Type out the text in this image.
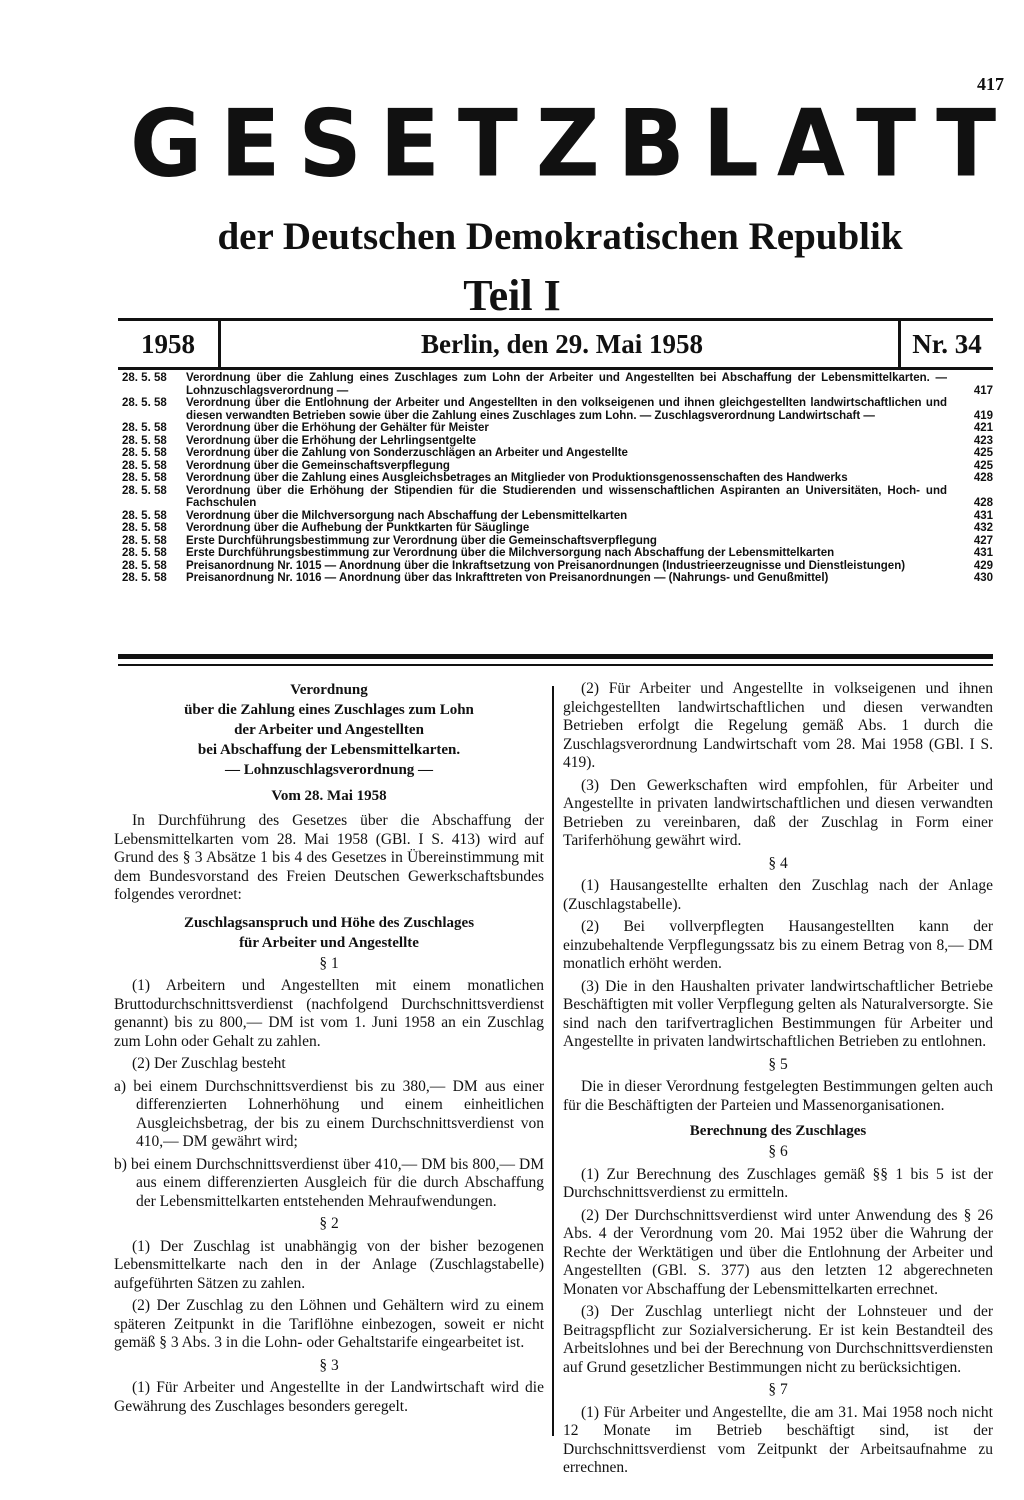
417
GESETZBLATT
der Deutschen Demokratischen Republik
Teil I
1958	Berlin, den 29. Mai 1958	Nr. 34
28. 5. 58	Verordnung über die Zahlung eines Zuschlages zum Lohn der Arbeiter und Angestellten bei Abschaffung der Lebensmittelkarten. — Lohnzuschlagsverordnung —	417
28. 5. 58	Verordnung über die Entlohnung der Arbeiter und Angestellten in den volkseigenen und ihnen gleichgestellten landwirtschaftlichen und diesen verwandten Betrieben sowie über die Zahlung eines Zuschlages zum Lohn. — Zuschlagsverordnung Landwirtschaft —	419
28. 5. 58	Verordnung über die Erhöhung der Gehälter für Meister	421
28. 5. 58	Verordnung über die Erhöhung der Lehrlingsentgelte	423
28. 5. 58	Verordnung über die Zahlung von Sonderzuschlägen an Arbeiter und Angestellte	425
28. 5. 58	Verordnung über die Gemeinschaftsverpflegung	425
28. 5. 58	Verordnung über die Zahlung eines Ausgleichsbetrages an Mitglieder von Produktionsgenossenschaften des Handwerks	428
28. 5. 58	Verordnung über die Erhöhung der Stipendien für die Studierenden und wissenschaftlichen Aspiranten an Universitäten, Hoch- und Fachschulen	428
28. 5. 58	Verordnung über die Milchversorgung nach Abschaffung der Lebensmittelkarten	431
28. 5. 58	Verordnung über die Aufhebung der Punktkarten für Säuglinge	432
28. 5. 58	Erste Durchführungsbestimmung zur Verordnung über die Gemeinschaftsverpflegung	427
28. 5. 58	Erste Durchführungsbestimmung zur Verordnung über die Milchversorgung nach Abschaffung der Lebensmittelkarten	431
28. 5. 58	Preisanordnung Nr. 1015 — Anordnung über die Inkraftsetzung von Preisanordnungen (Industrieerzeugnisse und Dienstleistungen)	429
28. 5. 58	Preisanordnung Nr. 1016 — Anordnung über das Inkrafttreten von Preisanordnungen — (Nahrungs- und Genußmittel)	430
Verordnung
über die Zahlung eines Zuschlages zum Lohn
der Arbeiter und Angestellten
bei Abschaffung der Lebensmittelkarten.
— Lohnzuschlagsverordnung —
Vom 28. Mai 1958

In Durchführung des Gesetzes über die Abschaffung der Lebensmittelkarten vom 28. Mai 1958 (GBl. I S. 413) wird auf Grund des § 3 Absätze 1 bis 4 des Gesetzes in Übereinstimmung mit dem Bundesvorstand des Freien Deutschen Gewerkschaftsbundes folgendes verordnet:

Zuschlagsanspruch und Höhe des Zuschlages
für Arbeiter und Angestellte
§ 1

(1) Arbeitern und Angestellten mit einem monatlichen Bruttodurchschnittsverdienst (nachfolgend Durchschnittsverdienst genannt) bis zu 800,— DM ist vom 1. Juni 1958 an ein Zuschlag zum Lohn oder Gehalt zu zahlen.

(2) Der Zuschlag besteht

a) bei einem Durchschnittsverdienst bis zu 380,— DM aus einer differenzierten Lohnerhöhung und einem einheitlichen Ausgleichsbetrag, der bis zu einem Durchschnittsverdienst von 410,— DM gewährt wird;

b) bei einem Durchschnittsverdienst über 410,— DM bis 800,— DM aus einem differenzierten Ausgleich für die durch Abschaffung der Lebensmittelkarten entstehenden Mehraufwendungen.

§ 2

(1) Der Zuschlag ist unabhängig von der bisher bezogenen Lebensmittelkarte nach den in der Anlage (Zuschlagstabelle) aufgeführten Sätzen zu zahlen.

(2) Der Zuschlag zu den Löhnen und Gehältern wird zu einem späteren Zeitpunkt in die Tariflöhne einbezogen, soweit er nicht gemäß § 3 Abs. 3 in die Lohn- oder Gehaltstarife eingearbeitet ist.

§ 3

(1) Für Arbeiter und Angestellte in der Landwirtschaft wird die Gewährung des Zuschlages besonders geregelt.

(2) Für Arbeiter und Angestellte in volkseigenen und ihnen gleichgestellten landwirtschaftlichen und diesen verwandten Betrieben erfolgt die Regelung gemäß Abs. 1 durch die Zuschlagsverordnung Landwirtschaft vom 28. Mai 1958 (GBl. I S. 419).

(3) Den Gewerkschaften wird empfohlen, für Arbeiter und Angestellte in privaten landwirtschaftlichen und diesen verwandten Betrieben zu vereinbaren, daß der Zuschlag in Form einer Tariferhöhung gewährt wird.

§ 4

(1) Hausangestellte erhalten den Zuschlag nach der Anlage (Zuschlagstabelle).

(2) Bei vollverpflegten Hausangestellten kann der einzubehaltende Verpflegungssatz bis zu einem Betrag von 8,— DM monatlich erhöht werden.

(3) Die in den Haushalten privater landwirtschaftlicher Betriebe Beschäftigten mit voller Verpflegung gelten als Naturalversorgte. Sie sind nach den tarifvertraglichen Bestimmungen für Arbeiter und Angestellte in privaten landwirtschaftlichen Betrieben zu entlohnen.

§ 5

Die in dieser Verordnung festgelegten Bestimmungen gelten auch für die Beschäftigten der Parteien und Massenorganisationen.

Berechnung des Zuschlages
§ 6

(1) Zur Berechnung des Zuschlages gemäß §§ 1 bis 5 ist der Durchschnittsverdienst zu ermitteln.

(2) Der Durchschnittsverdienst wird unter Anwendung des § 26 Abs. 4 der Verordnung vom 20. Mai 1952 über die Wahrung der Rechte der Werktätigen und über die Entlohnung der Arbeiter und Angestellten (GBl. S. 377) aus den letzten 12 abgerechneten Monaten vor Abschaffung der Lebensmittelkarten errechnet.

(3) Der Zuschlag unterliegt nicht der Lohnsteuer und der Beitragspflicht zur Sozialversicherung. Er ist kein Bestandteil des Arbeitslohnes und bei der Berechnung von Durchschnittsverdiensten auf Grund gesetzlicher Bestimmungen nicht zu berücksichtigen.

§ 7

(1) Für Arbeiter und Angestellte, die am 31. Mai 1958 noch nicht 12 Monate im Betrieb beschäftigt sind, ist der Durchschnittsverdienst vom Zeitpunkt der Arbeitsaufnahme zu errechnen.
